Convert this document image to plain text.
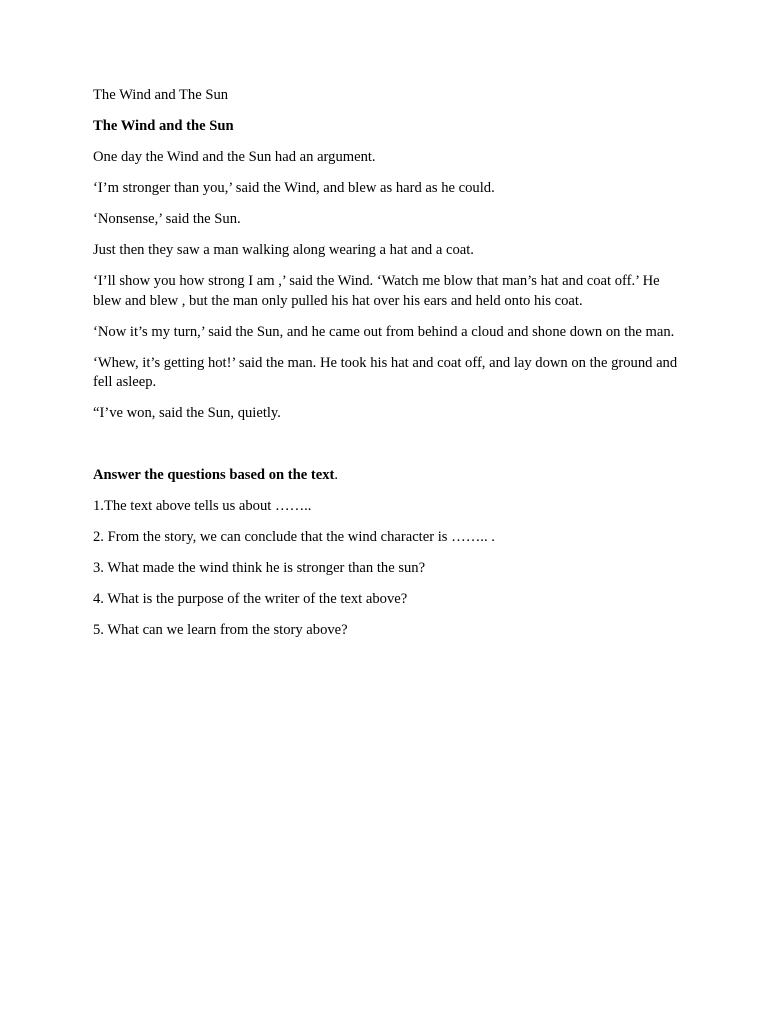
The Wind and The Sun

The Wind and the Sun

One day the Wind and the Sun had an argument.

‘I’m stronger than you,’ said the Wind, and blew as hard as he could.

‘Nonsense,’ said the Sun.

Just then they saw a man walking along wearing a hat and a coat.

‘I’ll show you how strong I am ,’ said the Wind. ‘Watch me blow that man’s hat and coat off.’ He blew and blew , but the man only pulled his hat over his ears and held onto his coat.

‘Now it’s my turn,’ said the Sun, and he came out from behind a cloud and shone down on the man.

‘Whew, it’s getting hot!’ said the man. He took his hat and coat off, and lay down on the ground and fell asleep.

“I’ve won, said the Sun, quietly.

Answer the questions based on the text.

1.The text above tells us about ……..

2. From the story, we can conclude that the wind character is …….. .

3. What made the wind think he is stronger than the sun?

4. What is the purpose of the writer of the text above?

5. What can we learn from the story above?
